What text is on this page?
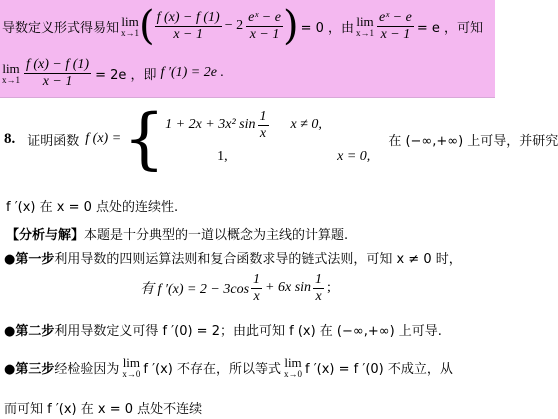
导数定义形式得易知 lim
x→1 ( $\frac{f (x) - f (1)}{x - 1} - 2 \frac{\text{eˣ − e}}{x - 1}$ ) = 0 ，由 lim
$x\to 1 \frac{\text{eˣ − e}}{x - 1} = e$ ，可知
lim
$x\to 1 \frac{f (x) - f (1)}{x - 1} = 2e$ ，即 f ′(1) = 2e .
8. 证明函数 f (x) = { 1 + 2x + 3x² $\sin \frac{1}{x}$ x ≠ 0,
1,	x = 0,
在 (−∞,+∞) 上可导，并研究
f ′(x) 在 x = 0 点处的连续性.
【分析与解】本题是十分典型的一道以概念为主线的计算题.
●第一步利用导数的四则运算法则和复合函数求导的链式法则，可知 x ≠ 0 时，
有 f $'(x) = 2 - 3\cos \frac{1}{x} + 6x$ $\sin \frac{1}{x}$ ;
●第二步利用导数定义可得 f ′(0) = 2；由此可知 f (x) 在 (−∞,+∞) 上可导.
●第三步 经检验因为 lim
x→0 f ′(x) 不存在，所以等式 lim
x→0 f ′(x) = f ′(0) 不成立，从
而可知 f ′(x) 在 x = 0 点处不连续
